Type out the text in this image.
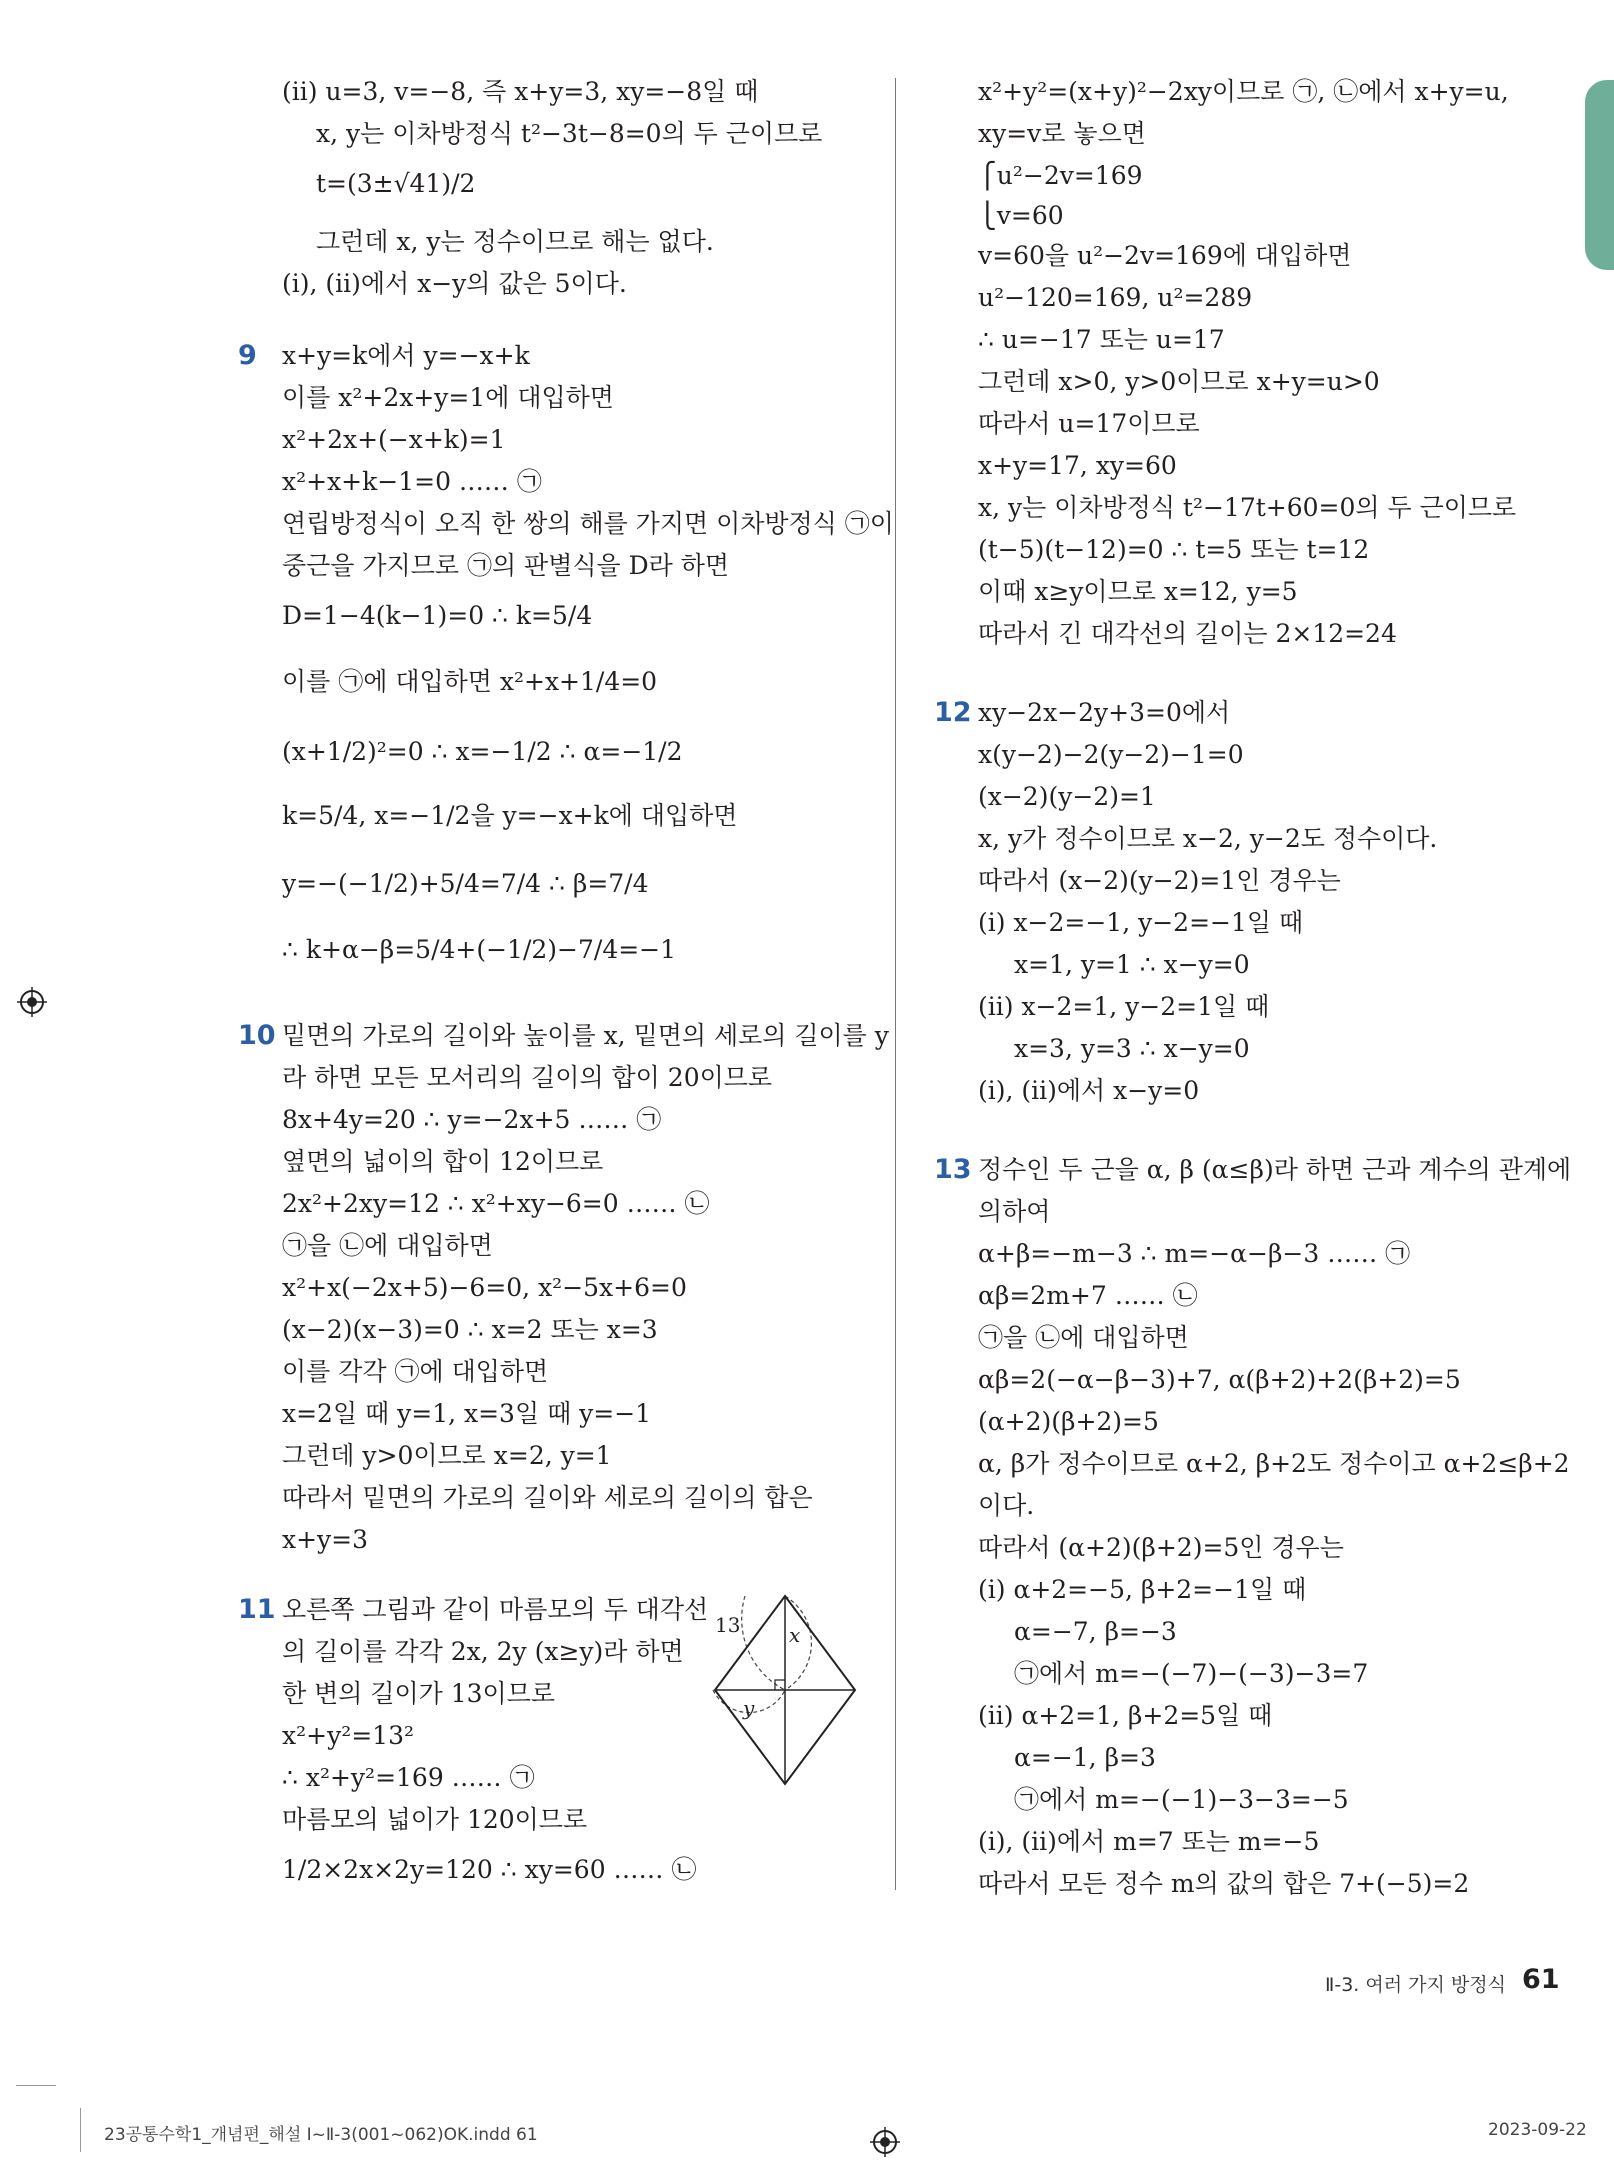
(ⅱ) u=3, v=−8, 즉 x+y=3, xy=−8일 때
x, y는 이차방정식 t²−3t−8=0의 두 근이므로
t=(3±√41)/2
그런데 x, y는 정수이므로 해는 없다.
(ⅰ), (ⅱ)에서 x−y의 값은 5이다.
9 x+y=k에서 y=−x+k
이를 x²+2x+y=1에 대입하면
x²+2x+(−x+k)=1
x²+x+k−1=0 …… ㉠
연립방정식이 오직 한 쌍의 해를 가지면 이차방정식 ㉠이
중근을 가지므로 ㉠의 판별식을 D라 하면
D=1−4(k−1)=0 ∴ k=5/4
이를 ㉠에 대입하면 x²+x+1/4=0
(x+1/2)²=0 ∴ x=−1/2 ∴ α=−1/2
k=5/4, x=−1/2을 y=−x+k에 대입하면
y=−(−1/2)+5/4=7/4 ∴ β=7/4
∴ k+α−β=5/4+(−1/2)−7/4=−1
10 밑면의 가로의 길이와 높이를 x, 밑면의 세로의 길이를 y
라 하면 모든 모서리의 길이의 합이 20이므로
8x+4y=20 ∴ y=−2x+5 …… ㉠
옆면의 넓이의 합이 12이므로
2x²+2xy=12 ∴ x²+xy−6=0 …… ㉡
㉠을 ㉡에 대입하면
x²+x(−2x+5)−6=0, x²−5x+6=0
(x−2)(x−3)=0 ∴ x=2 또는 x=3
이를 각각 ㉠에 대입하면
x=2일 때 y=1, x=3일 때 y=−1
그런데 y>0이므로 x=2, y=1
따라서 밑면의 가로의 길이와 세로의 길이의 합은
x+y=3
11 오른쪽 그림과 같이 마름모의 두 대각선
의 길이를 각각 2x, 2y (x≥y)라 하면
한 변의 길이가 13이므로
x²+y²=13²
∴ x²+y²=169 …… ㉠
마름모의 넓이가 120이므로
1/2×2x×2y=120 ∴ xy=60 …… ㉡
13 x
y
x²+y²=(x+y)²−2xy이므로 ㉠, ㉡에서 x+y=u,
xy=v로 놓으면
⎧u²−2v=169
⎩v=60
v=60을 u²−2v=169에 대입하면
u²−120=169, u²=289
∴ u=−17 또는 u=17
그런데 x>0, y>0이므로 x+y=u>0
따라서 u=17이므로
x+y=17, xy=60
x, y는 이차방정식 t²−17t+60=0의 두 근이므로
(t−5)(t−12)=0 ∴ t=5 또는 t=12
이때 x≥y이므로 x=12, y=5
따라서 긴 대각선의 길이는 2×12=24
12 xy−2x−2y+3=0에서
x(y−2)−2(y−2)−1=0
(x−2)(y−2)=1
x, y가 정수이므로 x−2, y−2도 정수이다.
따라서 (x−2)(y−2)=1인 경우는
(ⅰ) x−2=−1, y−2=−1일 때
x=1, y=1 ∴ x−y=0
(ⅱ) x−2=1, y−2=1일 때
x=3, y=3 ∴ x−y=0
(ⅰ), (ⅱ)에서 x−y=0
13 정수인 두 근을 α, β (α≤β)라 하면 근과 계수의 관계에
의하여
α+β=−m−3 ∴ m=−α−β−3 …… ㉠
αβ=2m+7 …… ㉡
㉠을 ㉡에 대입하면
αβ=2(−α−β−3)+7, α(β+2)+2(β+2)=5
(α+2)(β+2)=5
α, β가 정수이므로 α+2, β+2도 정수이고 α+2≤β+2
이다.
따라서 (α+2)(β+2)=5인 경우는
(ⅰ) α+2=−5, β+2=−1일 때
α=−7, β=−3
㉠에서 m=−(−7)−(−3)−3=7
(ⅱ) α+2=1, β+2=5일 때
α=−1, β=3
㉠에서 m=−(−1)−3−3=−5
(ⅰ), (ⅱ)에서 m=7 또는 m=−5
따라서 모든 정수 m의 값의 합은 7+(−5)=2
Ⅱ-3. 여러 가지 방정식 61
23공통수학1_개념편_해설 Ⅰ~Ⅱ-3(001~062)OK.indd 61	2023-09-22
